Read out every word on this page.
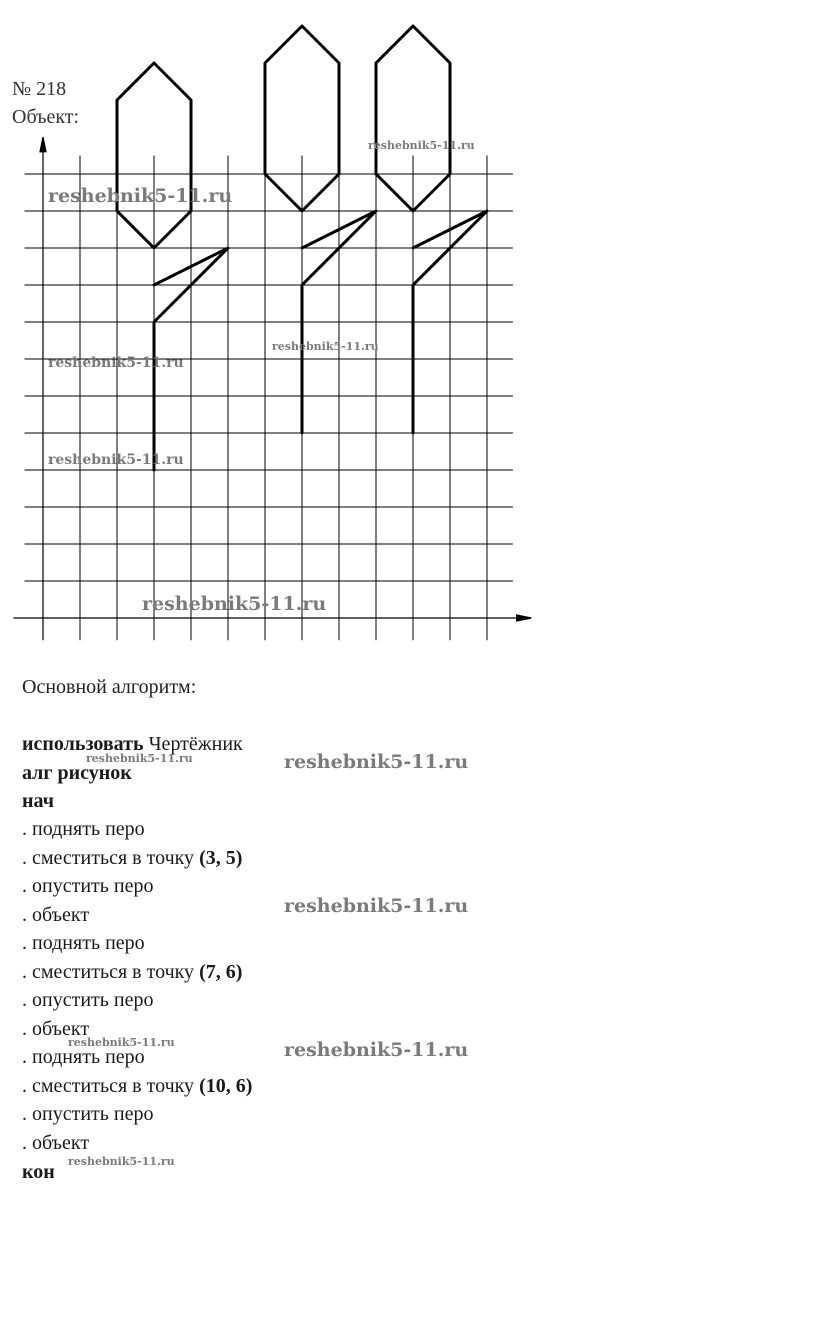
№ 218
Объект:
reshebnik5-11.ru
reshebnik5-11.ru
reshebnik5-11.ru
reshebnik5-11.ru
reshebnik5-11.ru
reshebnik5-11.ru
Основной алгоритм:
использовать Чертёжник
алг рисунок
нач
. поднять перо
. сместиться в точку (3, 5)
. опустить перо
. объект
. поднять перо
. сместиться в точку (7, 6)
. опустить перо
. объект
. поднять перо
. сместиться в точку (10, 6)
. опустить перо
. объект
кон
reshebnik5-11.ru	reshebnik5-11.ru
reshebnik5-11.ru
reshebnik5-11.ru	reshebnik5-11.ru
reshebnik5-11.ru
